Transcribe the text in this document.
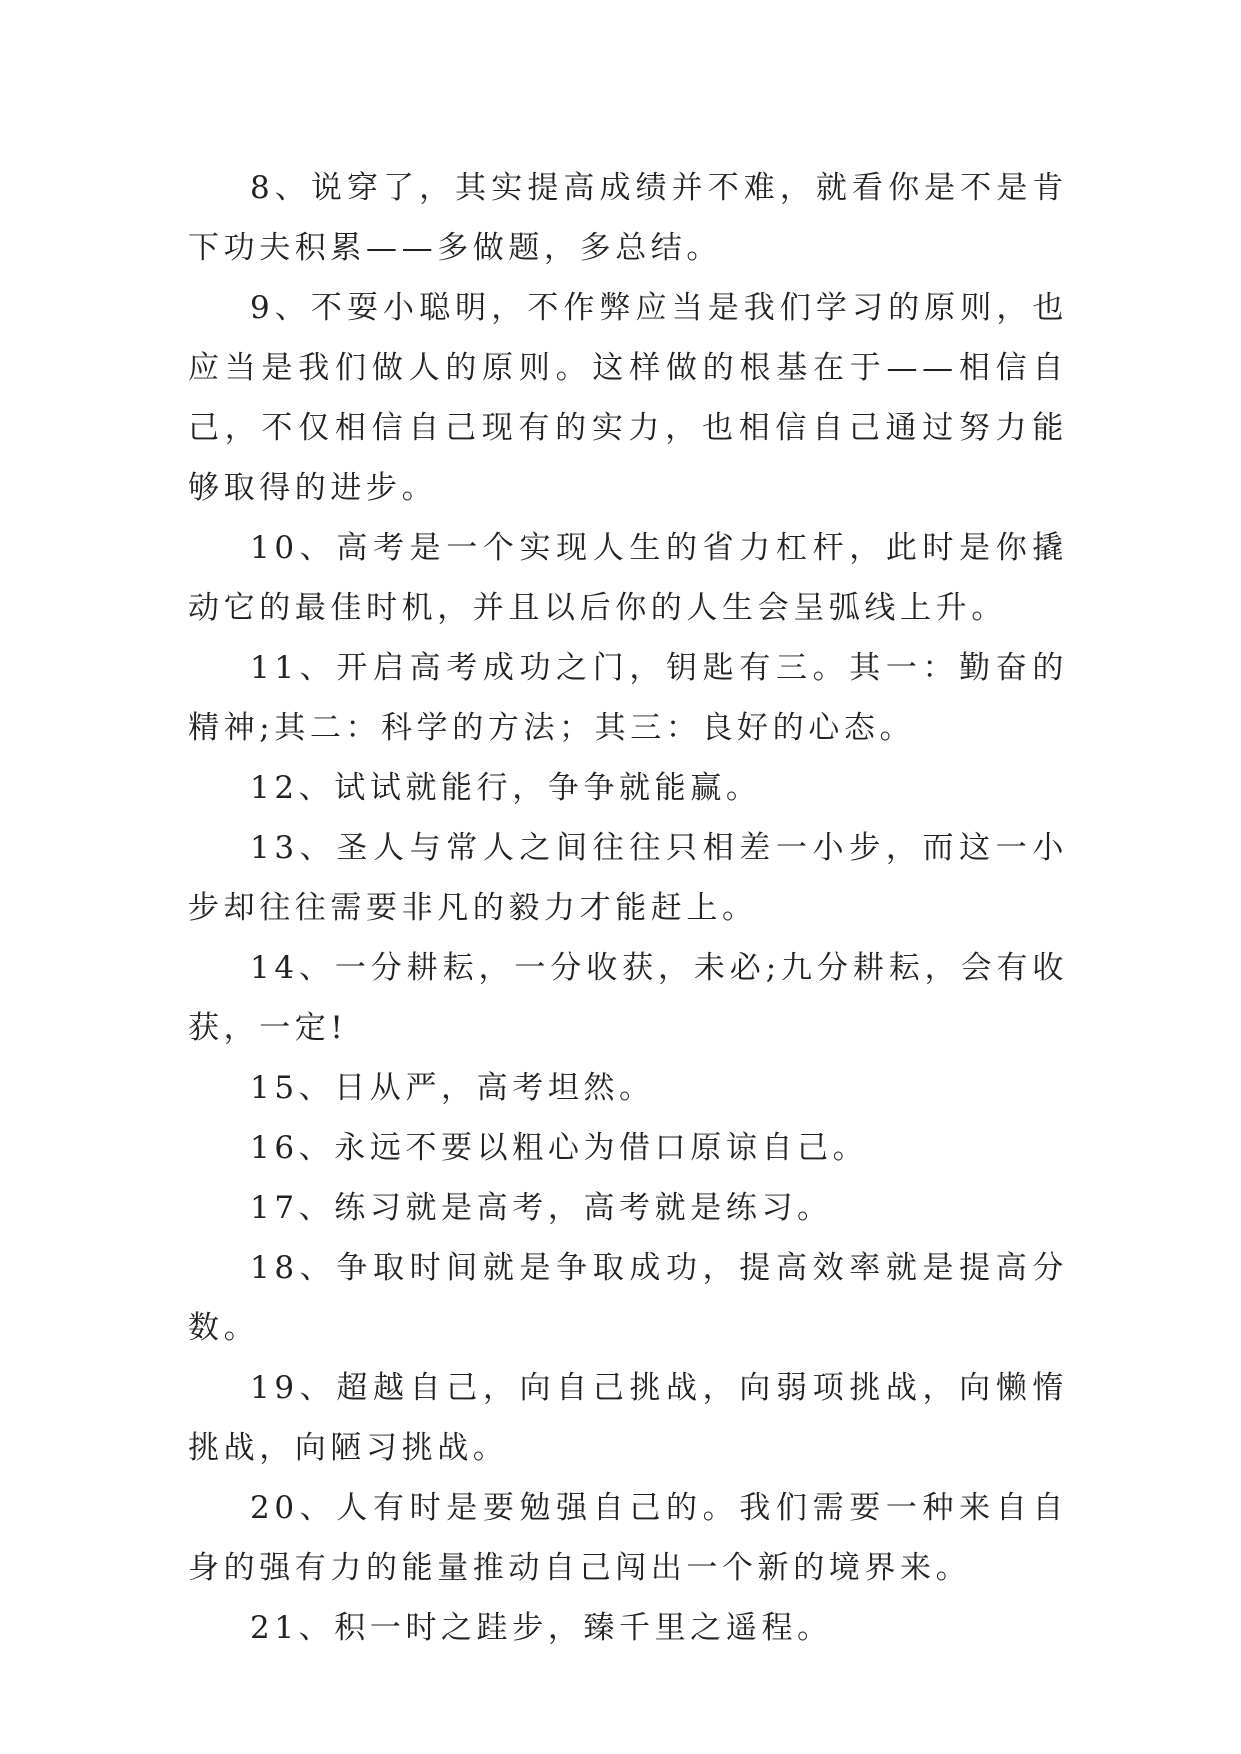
8、说穿了，其实提高成绩并不难，就看你是不是肯下功夫积累——多做题，多总结。

9、不耍小聪明，不作弊应当是我们学习的原则，也应当是我们做人的原则。这样做的根基在于——相信自己，不仅相信自己现有的实力，也相信自己通过努力能够取得的进步。

10、高考是一个实现人生的省力杠杆，此时是你撬动它的最佳时机，并且以后你的人生会呈弧线上升。

11、开启高考成功之门，钥匙有三。其一：勤奋的精神;其二：科学的方法；其三：良好的心态。

12、试试就能行，争争就能赢。

13、圣人与常人之间往往只相差一小步，而这一小步却往往需要非凡的毅力才能赶上。

14、一分耕耘，一分收获，未必;九分耕耘，会有收获，一定!

15、日从严，高考坦然。

16、永远不要以粗心为借口原谅自己。

17、练习就是高考，高考就是练习。

18、争取时间就是争取成功，提高效率就是提高分数。

19、超越自己，向自己挑战，向弱项挑战，向懒惰挑战，向陋习挑战。

20、人有时是要勉强自己的。我们需要一种来自自身的强有力的能量推动自己闯出一个新的境界来。

21、积一时之跬步，臻千里之遥程。
